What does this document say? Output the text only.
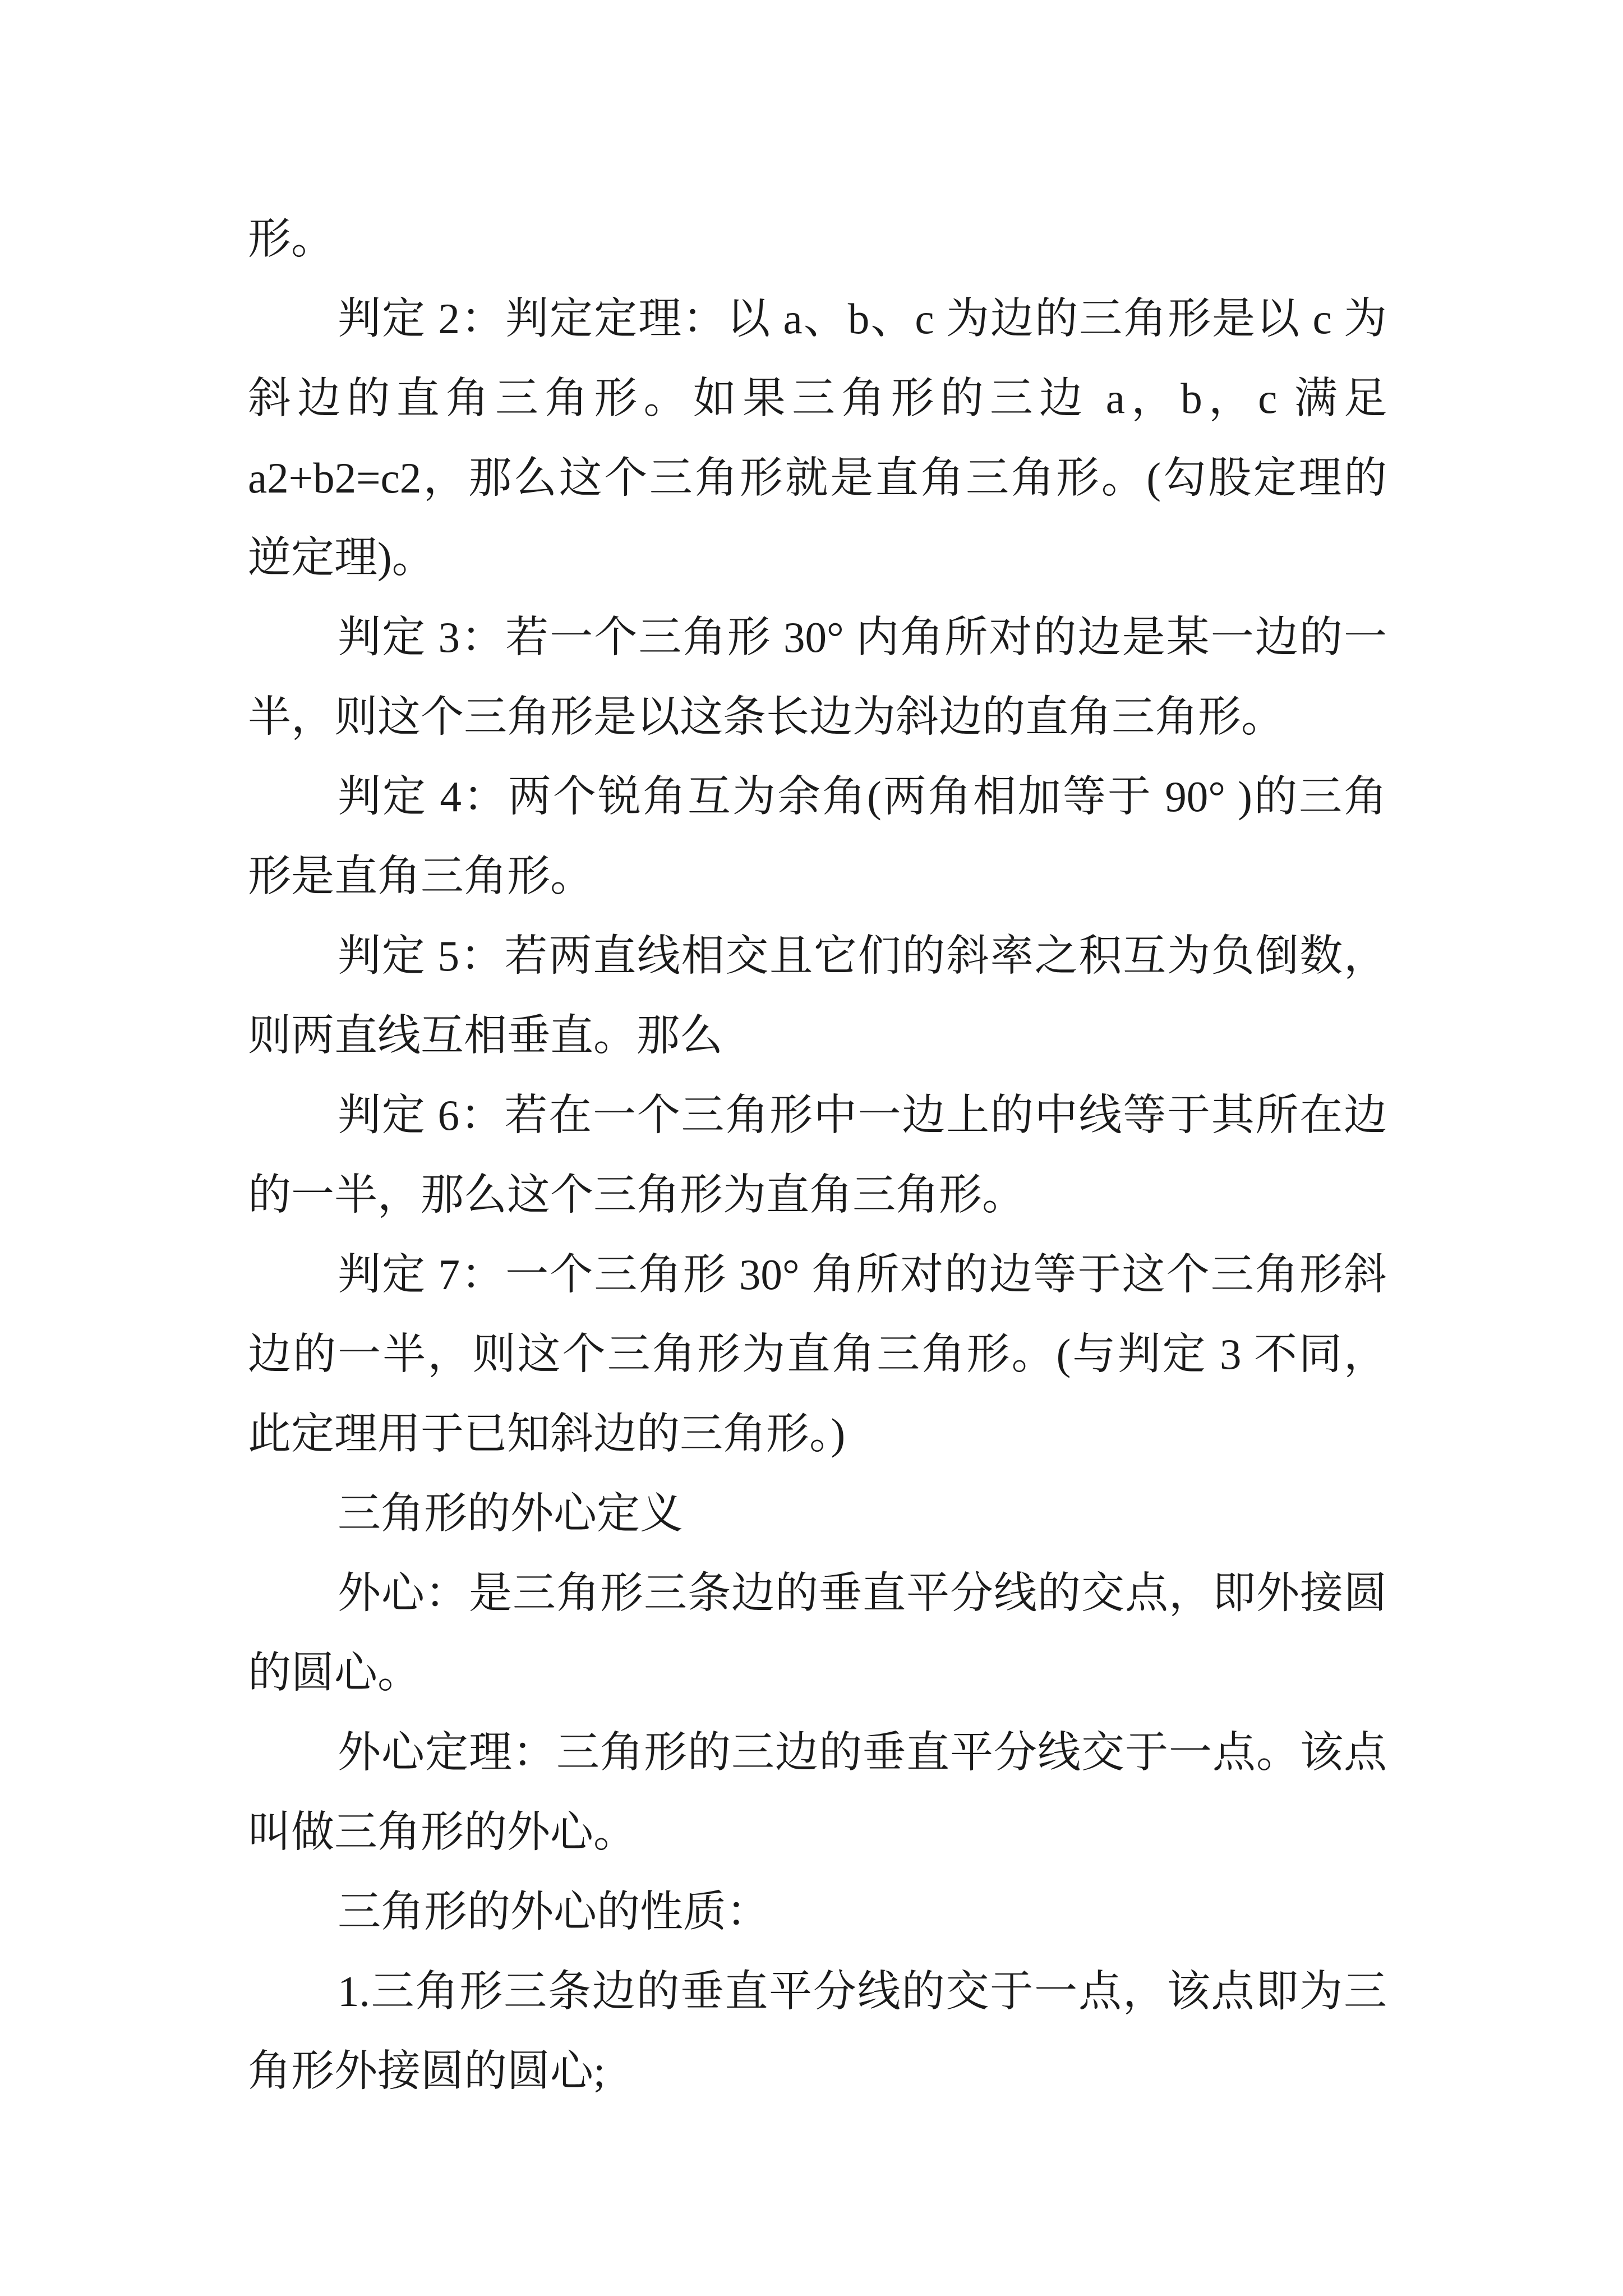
形。
判定 2：判定定理：以 a、b、c 为边的三角形是以 c 为
斜边的直角三角形。如果三角形的三边 a，b，c 满足
a2+b2=c2，那么这个三角形就是直角三角形。(勾股定理的
逆定理)。
判定 3：若一个三角形 30° 内角所对的边是某一边的一
半，则这个三角形是以这条长边为斜边的直角三角形。
判定 4：两个锐角互为余角(两角相加等于 90° )的三角
形是直角三角形。
判定 5：若两直线相交且它们的斜率之积互为负倒数，
则两直线互相垂直。那么
判定 6：若在一个三角形中一边上的中线等于其所在边
的一半，那么这个三角形为直角三角形。
判定 7：一个三角形 30° 角所对的边等于这个三角形斜
边的一半，则这个三角形为直角三角形。(与判定 3 不同，
此定理用于已知斜边的三角形。)
三角形的外心定义
外心：是三角形三条边的垂直平分线的交点，即外接圆
的圆心。
外心定理：三角形的三边的垂直平分线交于一点。该点
叫做三角形的外心。
三角形的外心的性质：
1.三角形三条边的垂直平分线的交于一点，该点即为三
角形外接圆的圆心;
